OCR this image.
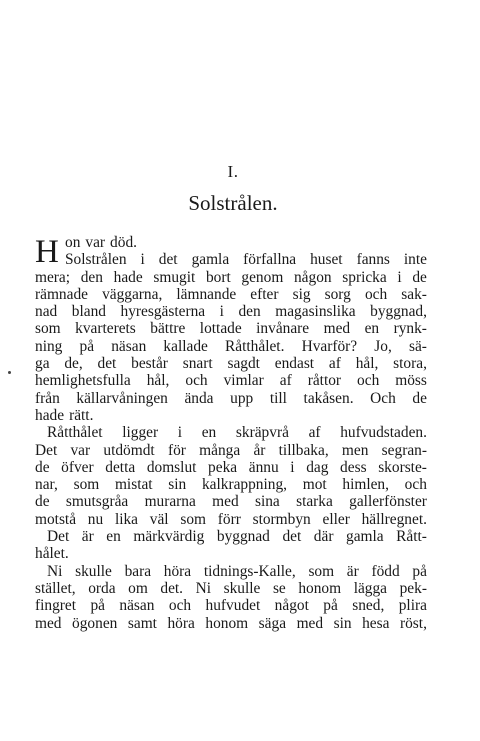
I.
Solstrålen.
H on var död.
Solstrålen i det gamla förfallna huset fanns inte
mera; den hade smugit bort genom någon spricka i de
rämnade väggarna, lämnande efter sig sorg och sak-
nad bland hyresgästerna i den magasinslika byggnad,
som kvarterets bättre lottade invånare med en rynk-
ning på näsan kallade Råtthålet. Hvarför? Jo, sä-
ga de, det består snart sagdt endast af hål, stora,
hemlighetsfulla hål, och vimlar af råttor och möss
från källarvåningen ända upp till takåsen. Och de
hade rätt.
Råtthålet ligger i en skräpvrå af hufvudstaden.
Det var utdömdt för många år tillbaka, men segran-
de öfver detta domslut peka ännu i dag dess skorste-
nar, som mistat sin kalkrappning, mot himlen, och
de smutsgråa murarna med sina starka gallerfönster
motstå nu lika väl som förr stormbyn eller hällregnet.
Det är en märkvärdig byggnad det där gamla Rått-
hålet.
Ni skulle bara höra tidnings-Kalle, som är född på
stället, orda om det. Ni skulle se honom lägga pek-
fingret på näsan och hufvudet något på sned, plira
med ögonen samt höra honom säga med sin hesa röst,
